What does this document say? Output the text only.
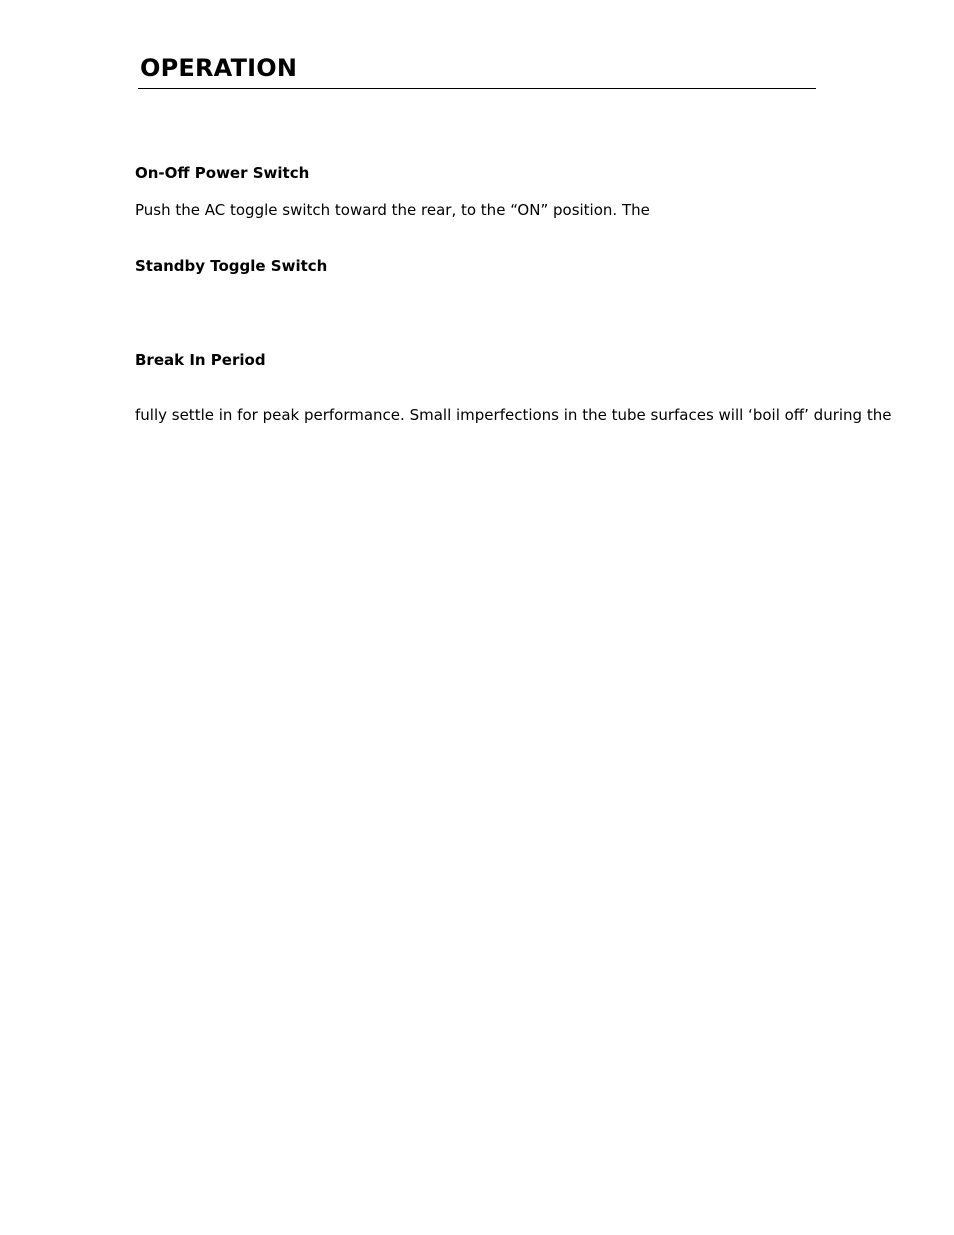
OPERATION
On-Off Power Switch

Push the AC toggle switch toward the rear, to the “ON” position. The

Standby Toggle Switch
Break In Period

fully settle in for peak performance. Small imperfections in the tube surfaces will ‘boil off’ during the
